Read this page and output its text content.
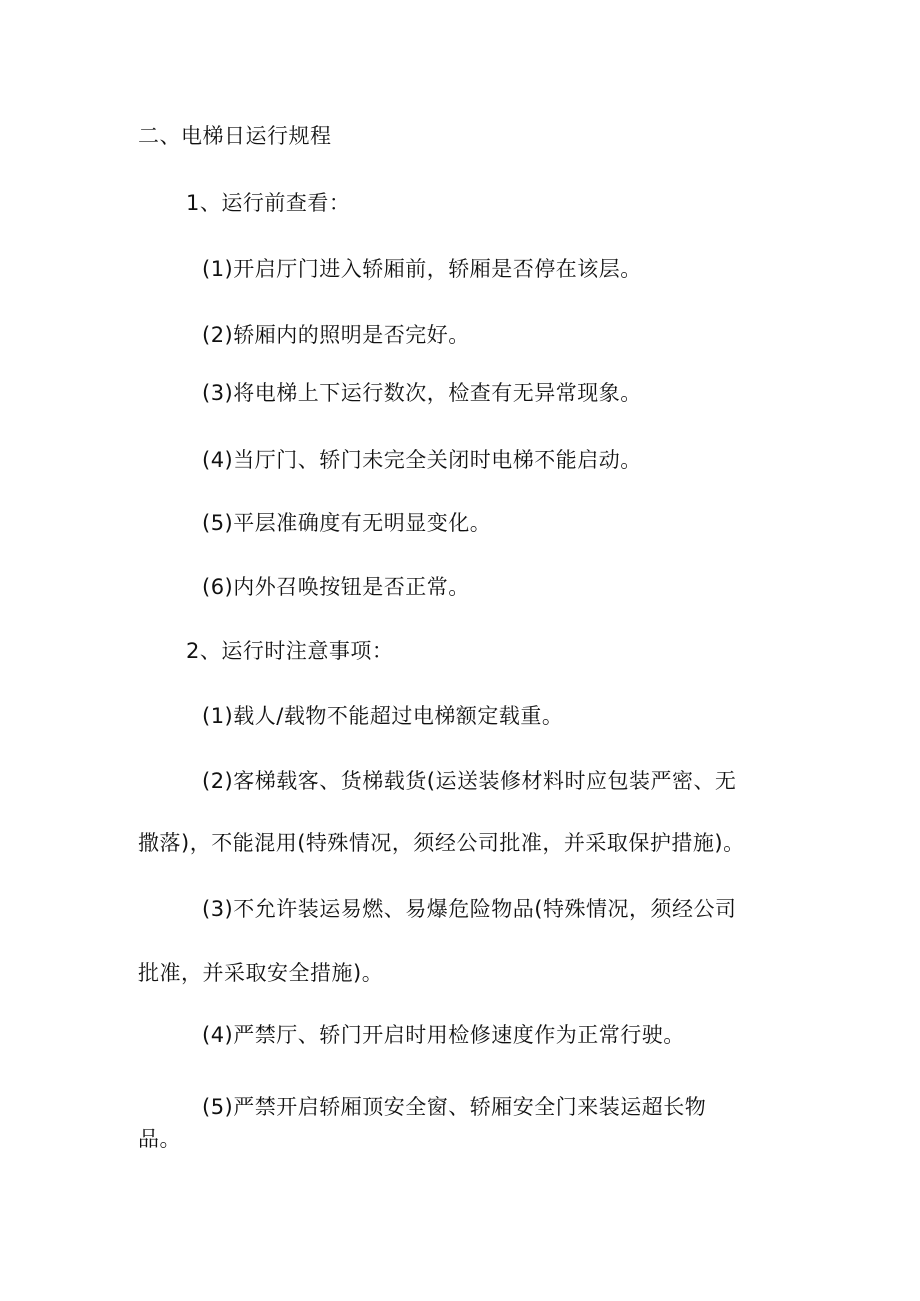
二、电梯日运行规程
1、运行前查看：
(1)开启厅门进入轿厢前，轿厢是否停在该层。
(2)轿厢内的照明是否完好。
(3)将电梯上下运行数次，检查有无异常现象。
(4)当厅门、轿门未完全关闭时电梯不能启动。
(5)平层准确度有无明显变化。
(6)内外召唤按钮是否正常。
2、运行时注意事项：
(1)载人/载物不能超过电梯额定载重。
(2)客梯载客、货梯载货(运送装修材料时应包装严密、无
撒落)，不能混用(特殊情况，须经公司批准，并采取保护措施)。
(3)不允许装运易燃、易爆危险物品(特殊情况，须经公司
批准，并采取安全措施)。
(4)严禁厅、轿门开启时用检修速度作为正常行驶。
(5)严禁开启轿厢顶安全窗、轿厢安全门来装运超长物
品。
